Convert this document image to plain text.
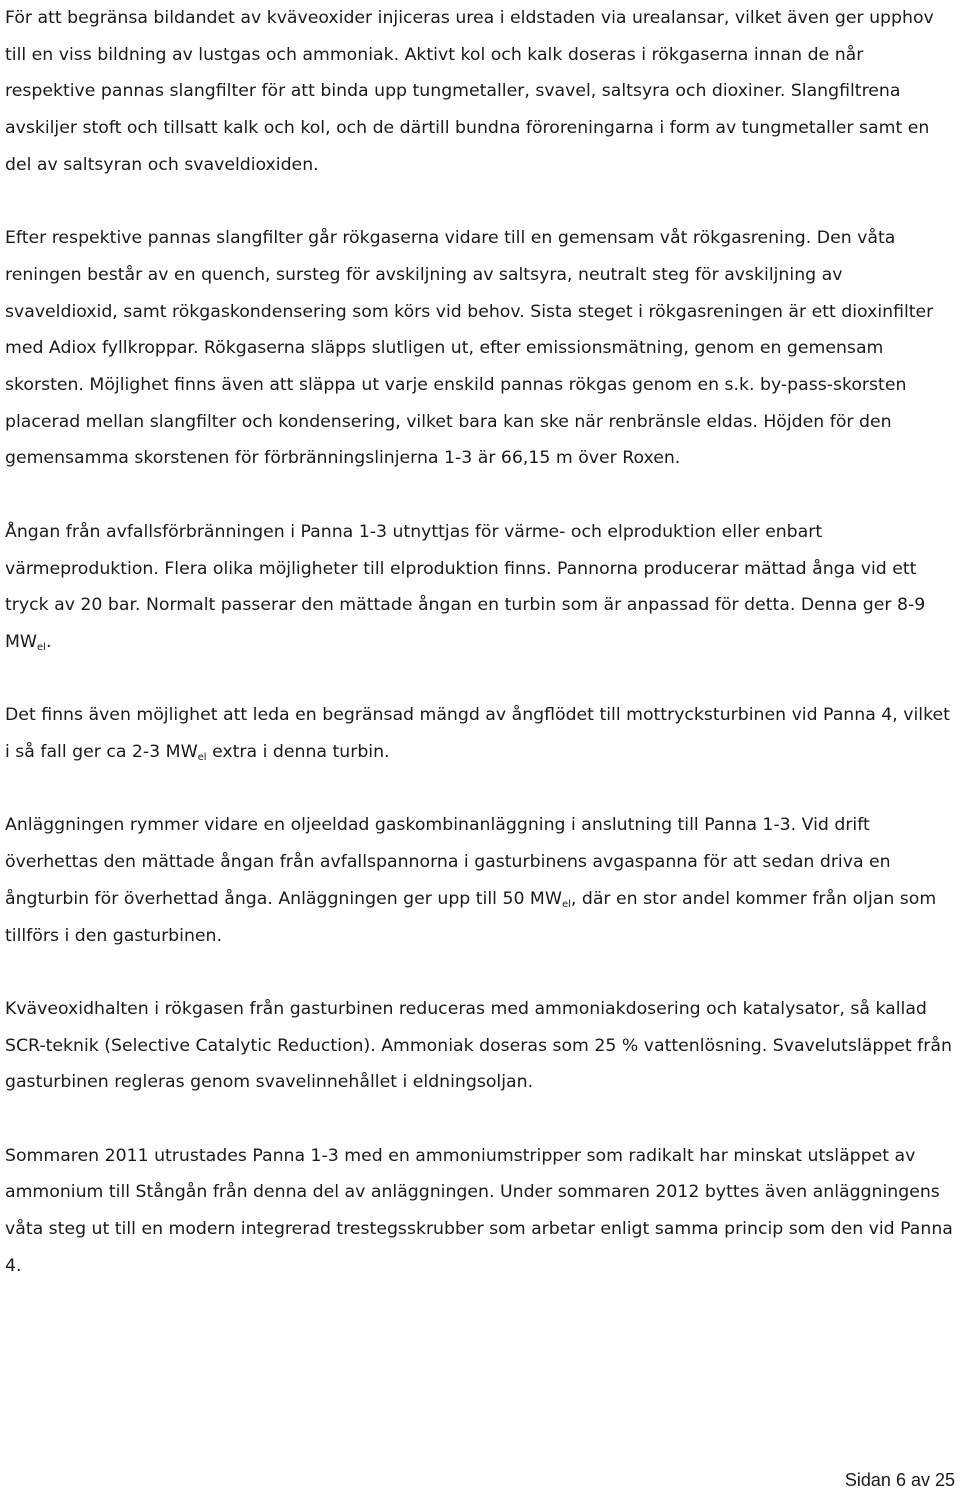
För att begränsa bildandet av kväveoxider injiceras urea i eldstaden via urealansar, vilket även ger upphov till en viss bildning av lustgas och ammoniak. Aktivt kol och kalk doseras i rökgaserna innan de når respektive pannas slangfilter för att binda upp tungmetaller, svavel, saltsyra och dioxiner. Slangfiltrena avskiljer stoft och tillsatt kalk och kol, och de därtill bundna föroreningarna i form av tungmetaller samt en del av saltsyran och svaveldioxiden.

Efter respektive pannas slangfilter går rökgaserna vidare till en gemensam våt rökgasrening. Den våta reningen består av en quench, sursteg för avskiljning av saltsyra, neutralt steg för avskiljning av svaveldioxid, samt rökgaskondensering som körs vid behov. Sista steget i rökgasreningen är ett dioxinfilter med Adiox fyllkroppar. Rökgaserna släpps slutligen ut, efter emissionsmätning, genom en gemensam skorsten. Möjlighet finns även att släppa ut varje enskild pannas rökgas genom en s.k. by-pass-skorsten placerad mellan slangfilter och kondensering, vilket bara kan ske när renbränsle eldas. Höjden för den gemensamma skorstenen för förbränningslinjerna 1-3 är 66,15 m över Roxen.

Ångan från avfallsförbränningen i Panna 1-3 utnyttjas för värme- och elproduktion eller enbart värmeproduktion. Flera olika möjligheter till elproduktion finns. Pannorna producerar mättad ånga vid ett tryck av 20 bar. Normalt passerar den mättade ångan en turbin som är anpassad för detta. Denna ger 8-9 $MW_{el}$.

Det finns även möjlighet att leda en begränsad mängd av ångflödet till mottrycksturbinen vid Panna 4, vilket i så fall ger ca 2-3 $MW_{el}$ extra i denna turbin.

Anläggningen rymmer vidare en oljeeldad gaskombinanläggning i anslutning till Panna 1-3. Vid drift överhettas den mättade ångan från avfallspannorna i gasturbinens avgaspanna för att sedan driva en ångturbin för överhettad ånga. Anläggningen ger upp till 50 $MW_{el}$, där en stor andel kommer från oljan som tillförs i den gasturbinen.

Kväveoxidhalten i rökgasen från gasturbinen reduceras med ammoniakdosering och katalysator, så kallad SCR-teknik (Selective Catalytic Reduction). Ammoniak doseras som 25 % vattenlösning. Svavelutsläppet från gasturbinen regleras genom svavelinnehållet i eldningsoljan.

Sommaren 2011 utrustades Panna 1-3 med en ammoniumstripper som radikalt har minskat utsläppet av ammonium till Stångån från denna del av anläggningen. Under sommaren 2012 byttes även anläggningens våta steg ut till en modern integrerad trestegsskrubber som arbetar enligt samma princip som den vid Panna 4.

Sidan 6 av 25
